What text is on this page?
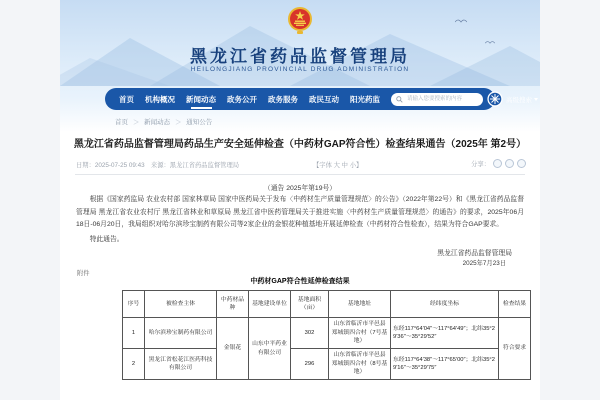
黑龙江省药品监督管理局
HEILONGJIANG PROVINCIAL DRUG ADMINISTRATION
首页 机构概况 新闻动态 政务公开 政务服务 政民互动 阳光药监
请输入您要搜索的内容	高级搜索
首页 ＞ 新闻动态 ＞ 通知公告
黑龙江省药品监督管理局药品生产安全延伸检查（中药材GAP符合性）检查结果通告（2025年 第2号）
日期：2025-07-25 09:43　来源：黑龙江省药品监督管理局	【字体 大 中 小】	分享：
（通告 2025年第19号）
根据《国家药监局 农业农村部 国家林草局 国家中医药局关于发布〈中药材生产质量管理规范〉的公告》（2022年第22号）和《黑龙江省药品监督管理局 黑龙江省农业农村厅 黑龙江省林业和草原局 黑龙江省中医药管理局关于推进实施〈中药材生产质量管理规范〉的通告》的要求，2025年06月18日-06月20日，我局组织对哈尔滨珍宝制药有限公司等2家企业的金银花种植基地开展延伸检查（中药材符合性检查），结果为符合GAP要求。
特此通告。
黑龙江省药品监督管理局
2025年7月23日
附件
中药材GAP符合性延伸检查结果
序号	被检查主体	中药材品种	基地建设单位	基地面积（亩）	基地地址	经纬度坐标	检查结果
1	哈尔滨珍宝制药有限公司	金银花	山东中平药业有限公司	302	山东省临沂市平邑县郑城镇四合村（7号基地）	东经117°64′04″～117°64′49″；北纬35°29′36″～35°29′52″	符合要求
2	黑龙江省松花江医药科技有限公司			296	山东省临沂市平邑县郑城镇四合村（8号基地）	东经117°64′38″～117°65′00″；北纬35°29′16″～35°29′75″	
